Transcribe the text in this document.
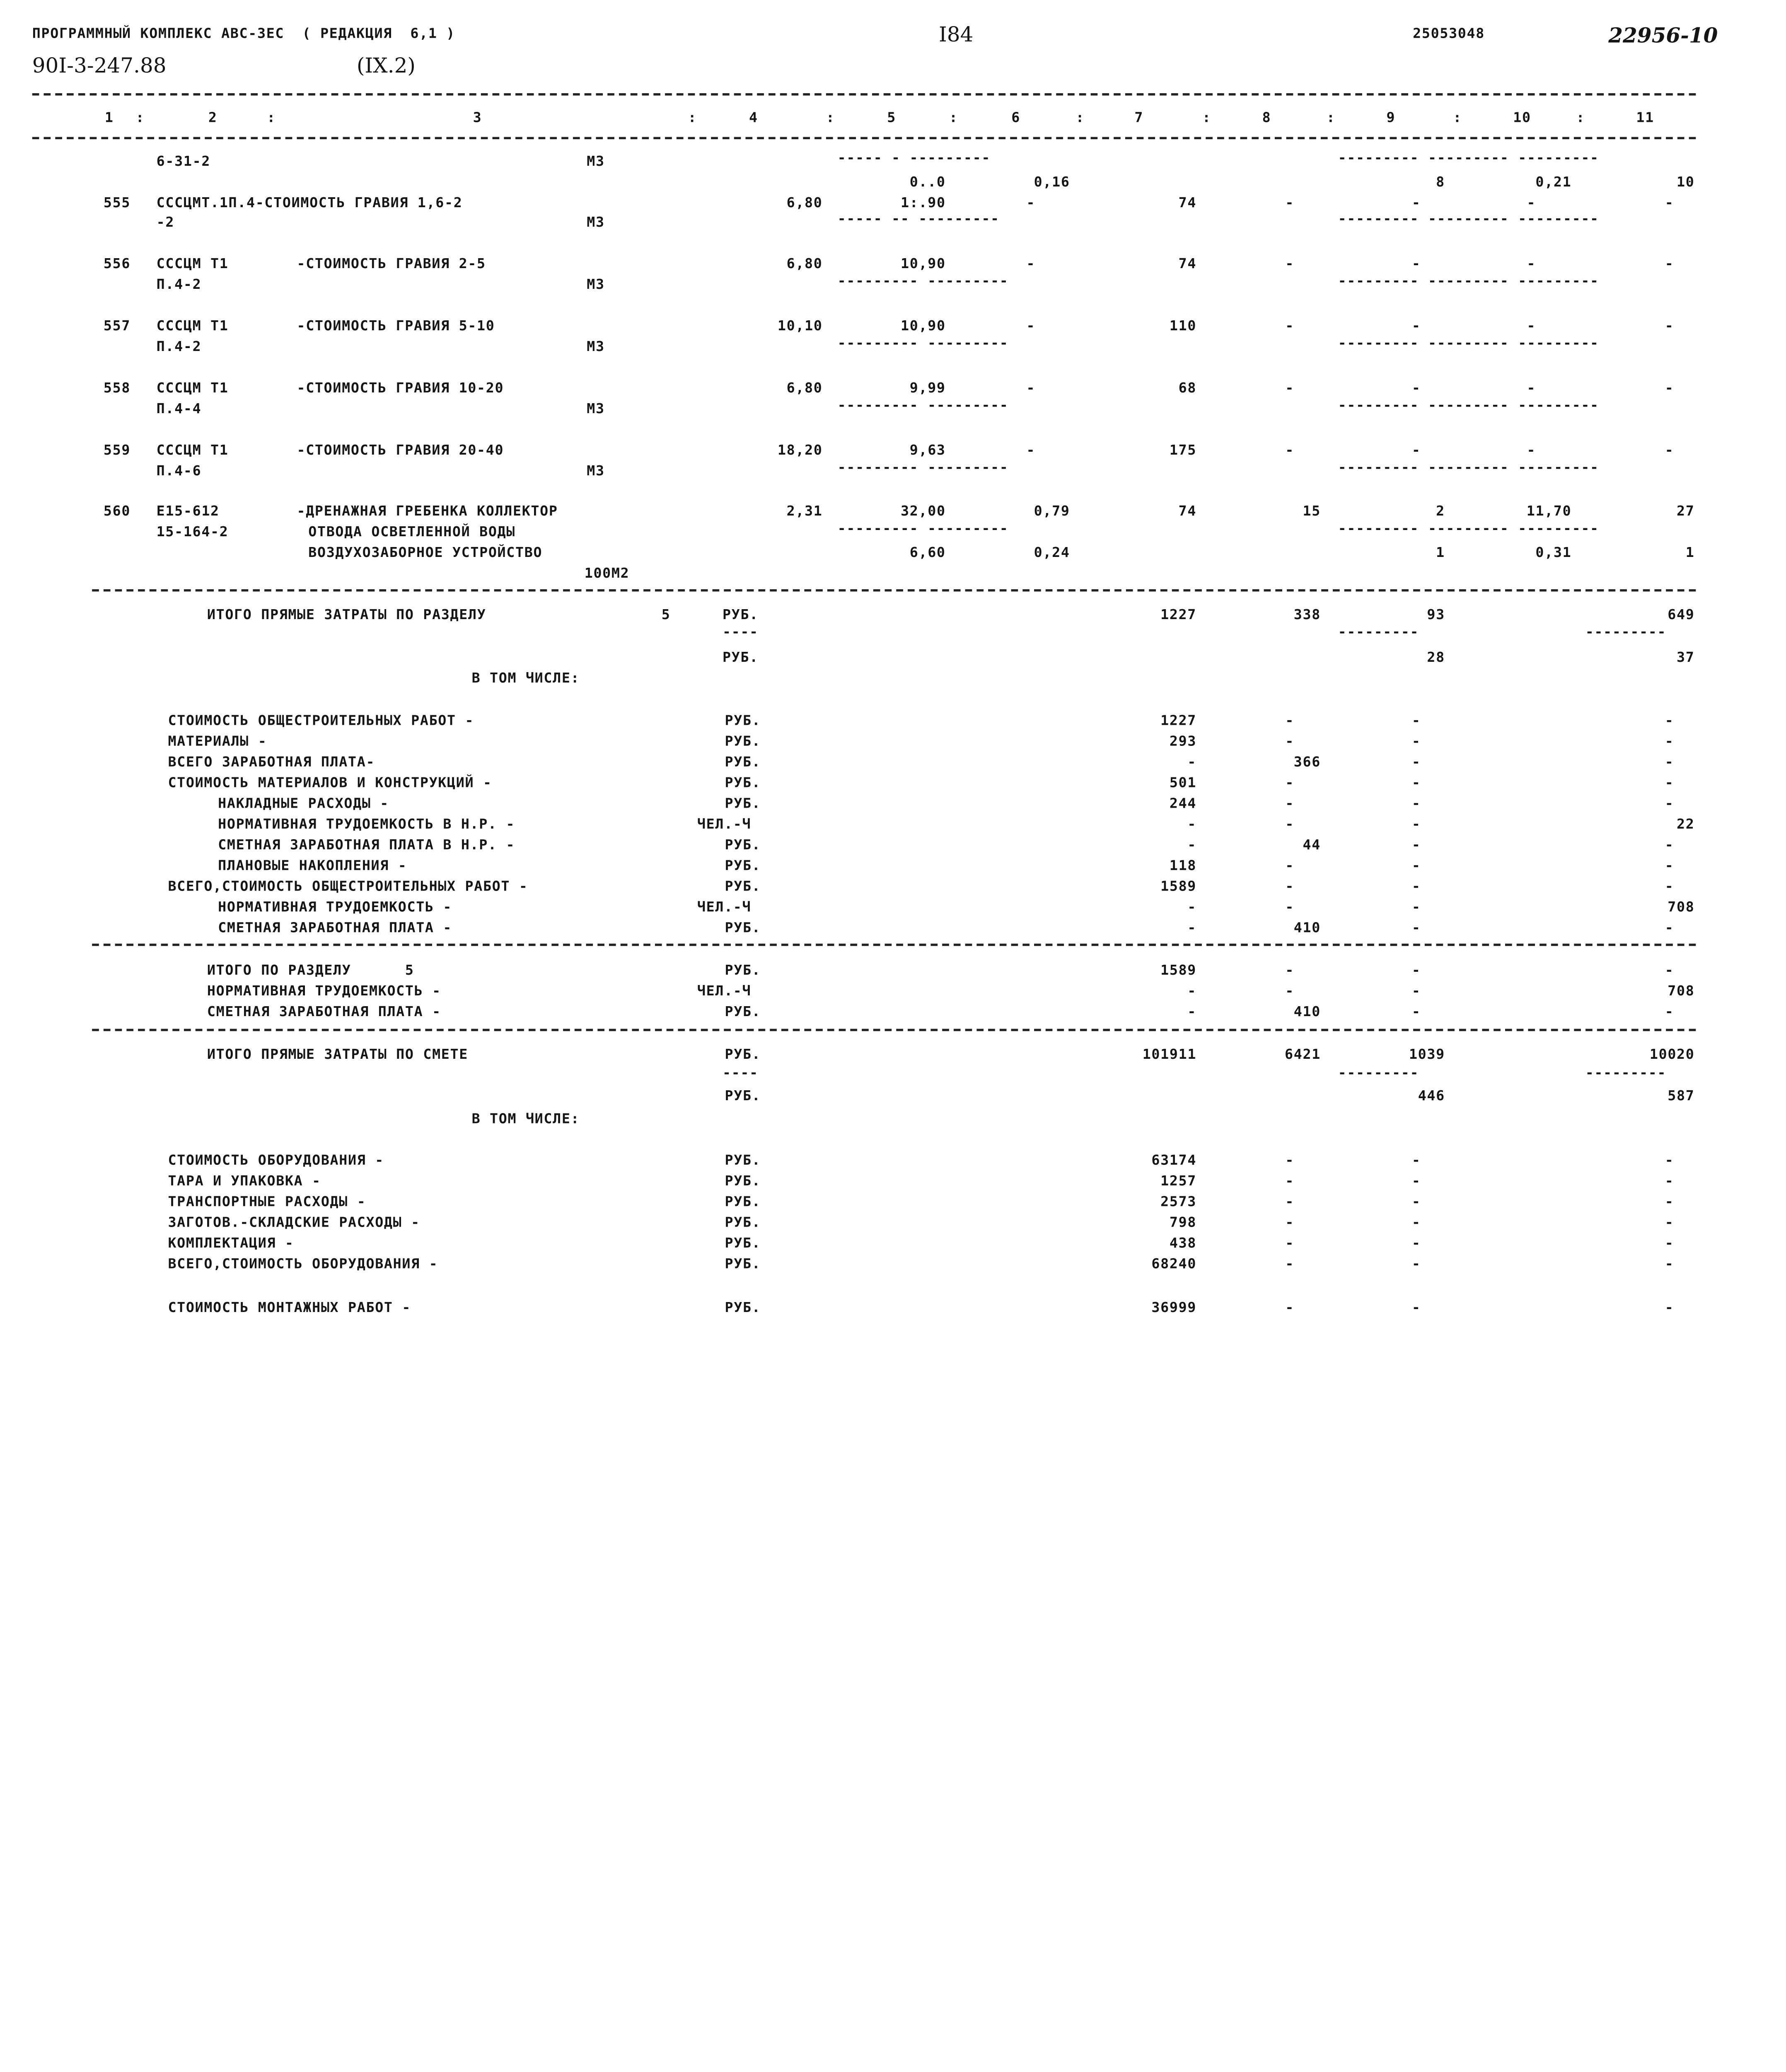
ПРОГРАММНЫЙ КОМПЛЕКС АВС-3ЕС  ( РЕДАКЦИЯ  6,1 )	I84	25053048	22956-10
90I-3-247.88	(IX.2)
1	2	3	4	5	6	7	8	9	10	11
:	:	:	:	:	:	:	:	:	:
6-31-2	М3	----- - ---------	--------- --------- ---------
0..0	0,16	8	0,21	10
555	СССЦМТ.1П.4-СТОИМОСТЬ ГРАВИЯ 1,6-2	6,80	1:.90	-	74	-	-	-	-
-2	М3	----- -- ---------	--------- --------- ---------
556	СССЦМ Т1	-СТОИМОСТЬ ГРАВИЯ 2-5	6,80	10,90	-	74	-	-	-	-
П.4-2	М3	--------- ---------	--------- --------- ---------
557	СССЦМ Т1	-СТОИМОСТЬ ГРАВИЯ 5-10	10,10	10,90	-	110	-	-	-	-
П.4-2	М3	--------- ---------	--------- --------- ---------
558	СССЦМ Т1	-СТОИМОСТЬ ГРАВИЯ 10-20	6,80	9,99	-	68	-	-	-	-
П.4-4	М3	--------- ---------	--------- --------- ---------
559	СССЦМ Т1	-СТОИМОСТЬ ГРАВИЯ 20-40	18,20	9,63	-	175	-	-	-	-
П.4-6	М3	--------- ---------	--------- --------- ---------
560	Е15-612	-ДРЕНАЖНАЯ ГРЕБЕНКА КОЛЛЕКТОР	2,31	32,00	0,79	74	15	2	11,70	27
15-164-2	ОТВОДА ОСВЕТЛЕННОЙ ВОДЫ	--------- ---------	--------- --------- ---------
ВОЗДУХОЗАБОРНОЕ УСТРОЙСТВО	6,60	0,24	1	0,31	1
100М2
ИТОГО ПРЯМЫЕ ЗАТРАТЫ ПО РАЗДЕЛУ	5	РУБ.	1227	338	93	649
----	---------	---------
РУБ.	28	37
В ТОМ ЧИСЛЕ:
СТОИМОСТЬ ОБЩЕСТРОИТЕЛЬНЫХ РАБОТ -	РУБ.	1227	-	-	-
МАТЕРИАЛЫ -	РУБ.	293	-	-	-
ВСЕГО ЗАРАБОТНАЯ ПЛАТА-	РУБ.	-	366	-	-
СТОИМОСТЬ МАТЕРИАЛОВ И КОНСТРУКЦИЙ -	РУБ.	501	-	-	-
НАКЛАДНЫЕ РАСХОДЫ -	РУБ.	244	-	-	-
НОРМАТИВНАЯ ТРУДОЕМКОСТЬ В Н.Р. -	ЧЕЛ.-Ч	-	-	-	22
СМЕТНАЯ ЗАРАБОТНАЯ ПЛАТА В Н.Р. -	РУБ.	-	44	-	-
ПЛАНОВЫЕ НАКОПЛЕНИЯ -	РУБ.	118	-	-	-
ВСЕГО,СТОИМОСТЬ ОБЩЕСТРОИТЕЛЬНЫХ РАБОТ -	РУБ.	1589	-	-	-
НОРМАТИВНАЯ ТРУДОЕМКОСТЬ -	ЧЕЛ.-Ч	-	-	-	708
СМЕТНАЯ ЗАРАБОТНАЯ ПЛАТА -	РУБ.	-	410	-	-
ИТОГО ПО РАЗДЕЛУ      5	РУБ.	1589	-	-	-
НОРМАТИВНАЯ ТРУДОЕМКОСТЬ -	ЧЕЛ.-Ч	-	-	-	708
СМЕТНАЯ ЗАРАБОТНАЯ ПЛАТА -	РУБ.	-	410	-	-
ИТОГО ПРЯМЫЕ ЗАТРАТЫ ПО СМЕТЕ	РУБ.	101911	6421	1039	10020
----	---------	---------
РУБ.	446	587
В ТОМ ЧИСЛЕ:
СТОИМОСТЬ ОБОРУДОВАНИЯ -	РУБ.	63174	-	-	-
ТАРА И УПАКОВКА -	РУБ.	1257	-	-	-
ТРАНСПОРТНЫЕ РАСХОДЫ -	РУБ.	2573	-	-	-
ЗАГОТОВ.-СКЛАДСКИЕ РАСХОДЫ -	РУБ.	798	-	-	-
КОМПЛЕКТАЦИЯ -	РУБ.	438	-	-	-
ВСЕГО,СТОИМОСТЬ ОБОРУДОВАНИЯ -	РУБ.	68240	-	-	-
СТОИМОСТЬ МОНТАЖНЫХ РАБОТ -	РУБ.	36999	-	-	-
